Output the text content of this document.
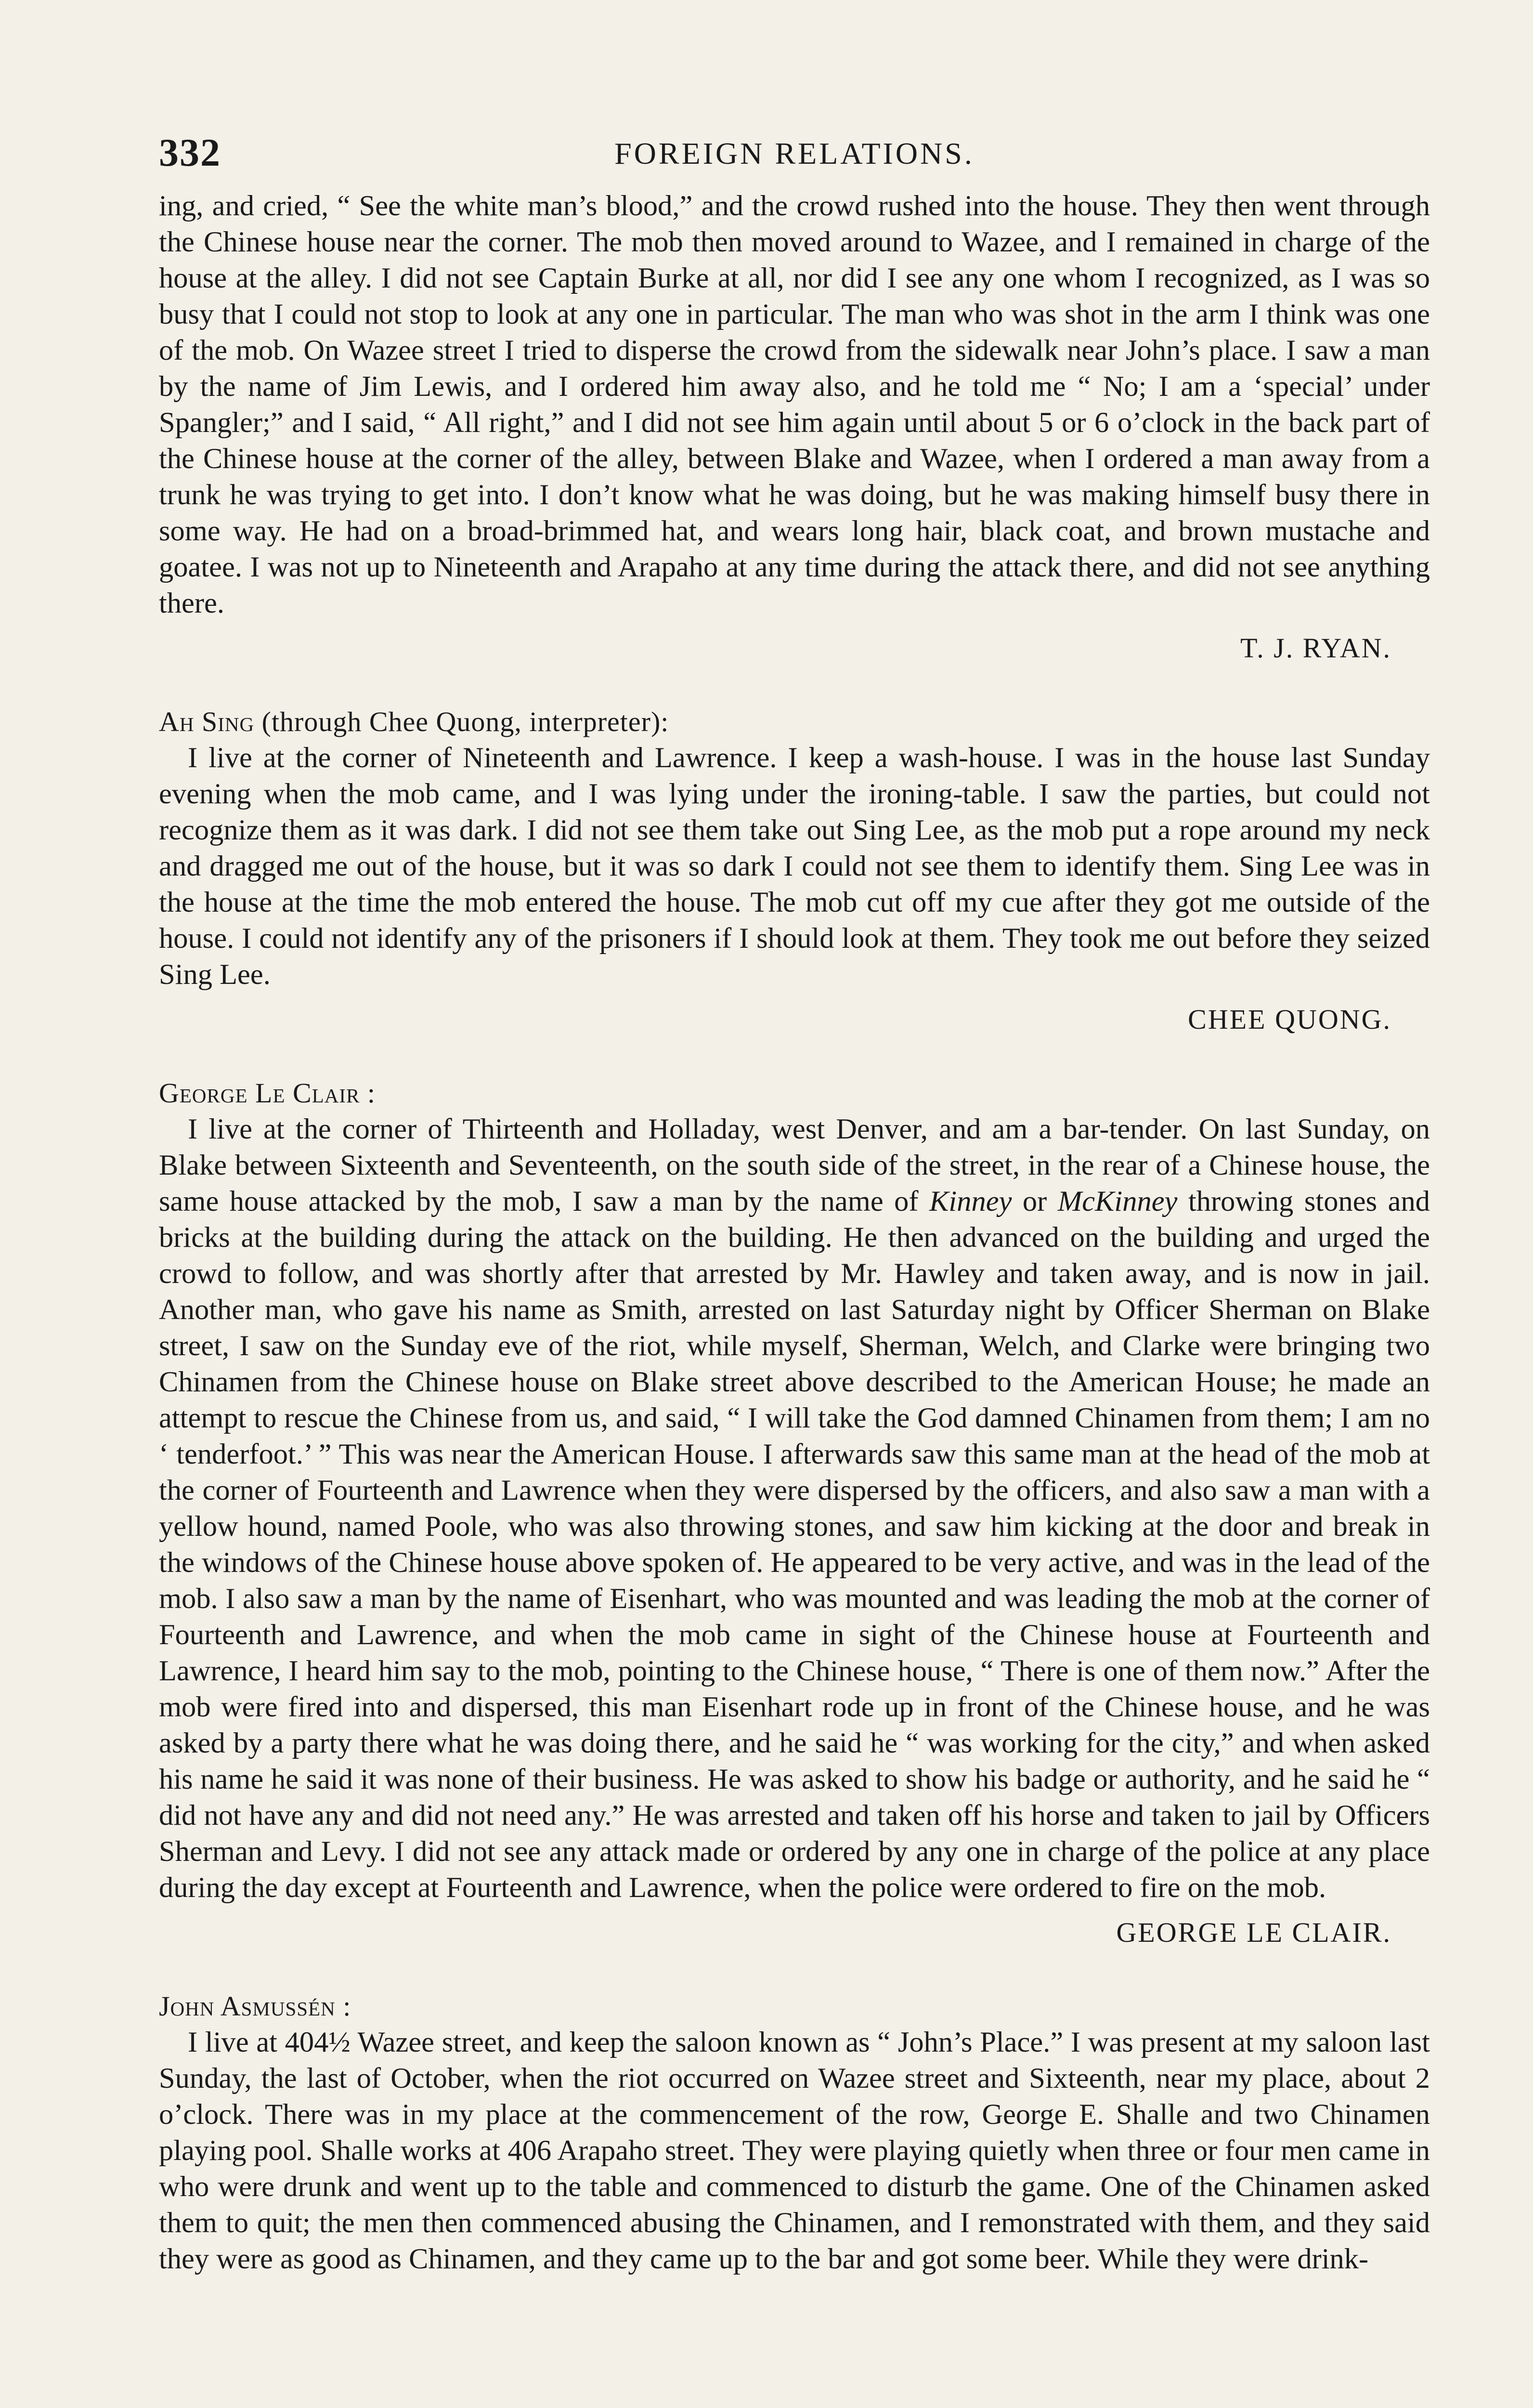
332	FOREIGN RELATIONS.

ing, and cried, “ See the white man’s blood,” and the crowd rushed into the house. They then went through the Chinese house near the corner. The mob then moved around to Wazee, and I remained in charge of the house at the alley. I did not see Captain Burke at all, nor did I see any one whom I recognized, as I was so busy that I could not stop to look at any one in particular. The man who was shot in the arm I think was one of the mob. On Wazee street I tried to disperse the crowd from the sidewalk near John’s place. I saw a man by the name of Jim Lewis, and I ordered him away also, and he told me “ No; I am a ‘special’ under Spangler;” and I said, “ All right,” and I did not see him again until about 5 or 6 o’clock in the back part of the Chinese house at the corner of the alley, between Blake and Wazee, when I ordered a man away from a trunk he was trying to get into. I don’t know what he was doing, but he was making himself busy there in some way. He had on a broad-brimmed hat, and wears long hair, black coat, and brown mustache and goatee. I was not up to Nineteenth and Arapaho at any time during the attack there, and did not see anything there.

T. J. RYAN.
Ah Sing (through Chee Quong, interpreter):

I live at the corner of Nineteenth and Lawrence. I keep a wash-house. I was in the house last Sunday evening when the mob came, and I was lying under the ironing-table. I saw the parties, but could not recognize them as it was dark. I did not see them take out Sing Lee, as the mob put a rope around my neck and dragged me out of the house, but it was so dark I could not see them to identify them. Sing Lee was in the house at the time the mob entered the house. The mob cut off my cue after they got me outside of the house. I could not identify any of the prisoners if I should look at them. They took me out before they seized Sing Lee.

CHEE QUONG.
George Le Clair :

I live at the corner of Thirteenth and Holladay, west Denver, and am a bar-tender. On last Sunday, on Blake between Sixteenth and Seventeenth, on the south side of the street, in the rear of a Chinese house, the same house attacked by the mob, I saw a man by the name of Kinney or McKinney throwing stones and bricks at the building during the attack on the building. He then advanced on the building and urged the crowd to follow, and was shortly after that arrested by Mr. Hawley and taken away, and is now in jail. Another man, who gave his name as Smith, arrested on last Saturday night by Officer Sherman on Blake street, I saw on the Sunday eve of the riot, while myself, Sherman, Welch, and Clarke were bringing two Chinamen from the Chinese house on Blake street above described to the American House; he made an attempt to rescue the Chinese from us, and said, “ I will take the God damned Chinamen from them; I am no ‘ tenderfoot.’ ” This was near the American House. I afterwards saw this same man at the head of the mob at the corner of Fourteenth and Lawrence when they were dispersed by the officers, and also saw a man with a yellow hound, named Poole, who was also throwing stones, and saw him kicking at the door and break in the windows of the Chinese house above spoken of. He appeared to be very active, and was in the lead of the mob. I also saw a man by the name of Eisenhart, who was mounted and was leading the mob at the corner of Fourteenth and Lawrence, and when the mob came in sight of the Chinese house at Fourteenth and Lawrence, I heard him say to the mob, pointing to the Chinese house, “ There is one of them now.” After the mob were fired into and dispersed, this man Eisenhart rode up in front of the Chinese house, and he was asked by a party there what he was doing there, and he said he “ was working for the city,” and when asked his name he said it was none of their business. He was asked to show his badge or authority, and he said he “ did not have any and did not need any.” He was arrested and taken off his horse and taken to jail by Officers Sherman and Levy. I did not see any attack made or ordered by any one in charge of the police at any place during the day except at Fourteenth and Lawrence, when the police were ordered to fire on the mob.

GEORGE LE CLAIR.
John Asmussén :

I live at 404½ Wazee street, and keep the saloon known as “ John’s Place.” I was present at my saloon last Sunday, the last of October, when the riot occurred on Wazee street and Sixteenth, near my place, about 2 o’clock. There was in my place at the commencement of the row, George E. Shalle and two Chinamen playing pool. Shalle works at 406 Arapaho street. They were playing quietly when three or four men came in who were drunk and went up to the table and commenced to disturb the game. One of the Chinamen asked them to quit; the men then commenced abusing the Chinamen, and I remonstrated with them, and they said they were as good as Chinamen, and they came up to the bar and got some beer. While they were drink-
